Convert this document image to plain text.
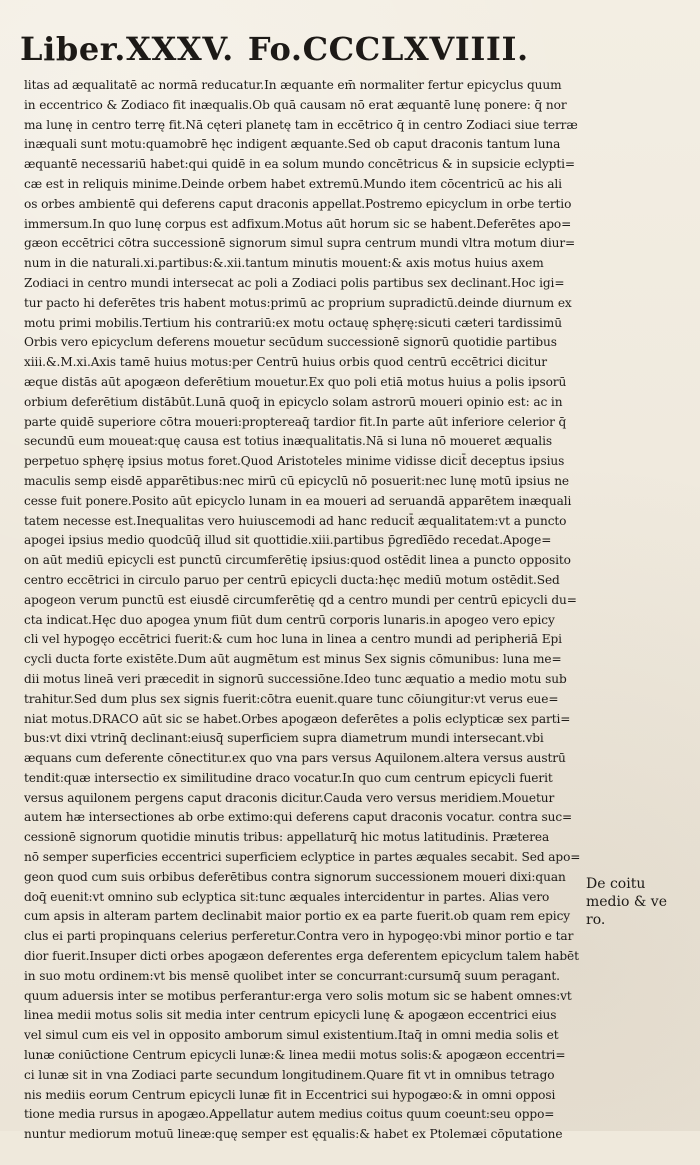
Liber.XXXV. Fo.CCCLXVIIII.
litas ad æqualitatē ac normā reducatur.In æquante em̄ normaliter fertur epicyclus quum
in eccentrico & Zodiaco fit inæqualis.Ob quā causam nō erat æquantē lunę ponere: q̄ nor
ma lunę in centro terrę fit.Nā cęteri planetę tam in eccētrico q̄ in centro Zodiaci siue terræ
inæquali sunt motu:quamobrē hęc indigent æquante.Sed ob caput draconis tantum luna
æquantē necessariū habet:qui quidē in ea solum mundo concētricus & in supsicie eclypti=
cæ est in reliquis minime.Deinde orbem habet extremū.Mundo item cōcentricū ac his ali
os orbes ambientē qui deferens caput draconis appellat.Postremo epicyclum in orbe tertio
immersum.In quo lunę corpus est adfixum.Motus aūt horum sic se habent.Deferētes apo=
gæon eccētrici cōtra successionē signorum simul supra centrum mundi vltra motum diur=
num in die naturali.xi.partibus:&.xii.tantum minutis mouent:& axis motus huius axem
Zodiaci in centro mundi intersecat ac poli a Zodiaci polis partibus sex declinant.Hoc igi=
tur pacto hi deferētes tris habent motus:primū ac proprium supradictū.deinde diurnum ex
motu primi mobilis.Tertium his contrariū:ex motu octauę sphęrę:sicuti cæteri tardissimū
Orbis vero epicyclum deferens mouetur secūdum successionē signorū quotidie partibus
xiii.&.M.xi.Axis tamē huius motus:per Centrū huius orbis quod centrū eccētrici dicitur
æque distās aūt apogæon deferētium mouetur.Ex quo poli etiā motus huius a polis ipsorū
orbium deferētium distābūt.Lunā quoq̄ in epicyclo solam astrorū moueri opinio est: ac in
parte quidē superiore cōtra moueri:proptereaq̄ tardior fit.In parte aūt inferiore celerior q̄
secundū eum moueat:quę causa est totius inæqualitatis.Nā si luna nō moueret æqualis
perpetuo sphęrę ipsius motus foret.Quod Aristoteles minime vidisse dicit̄ deceptus ipsius
maculis semp eisdē apparētibus:nec mirū cū epicyclū nō posuerit:nec lunę motū ipsius ne
cesse fuit ponere.Posito aūt epicyclo lunam in ea moueri ad seruandā apparētem inæquali
tatem necesse est.Inequalitas vero huiuscemodi ad hanc reducit̄ æqualitatem:vt a puncto
apogei ipsius medio quodcūq̄ illud sit quottidie.xiii.partibus p̄gredīēdo recedat.Apoge=
on aūt mediū epicycli est punctū circumferētię ipsius:quod ostēdit linea a puncto opposito
centro eccētrici in circulo paruo per centrū epicycli ducta:hęc mediū motum ostēdit.Sed
apogeon verum punctū est eiusdē circumferētię qd a centro mundi per centrū epicycli du=
cta indicat.Hęc duo apogea ynum fiūt dum centrū corporis lunaris.in apogeo vero epicy
cli vel hypogęo eccētrici fuerit:& cum hoc luna in linea a centro mundi ad peripheriā Epi
cycli ducta forte existēte.Dum aūt augmētum est minus Sex signis cōmunibus: luna me=
dii motus lineā veri præcedit in signorū successiōne.Ideo tunc æquatio a medio motu sub
trahitur.Sed dum plus sex signis fuerit:cōtra euenit.quare tunc cōiungitur:vt verus eue=
niat motus.DRACO aūt sic se habet.Orbes apogæon deferētes a polis eclypticæ sex parti=
bus:vt dixi vtrinq̄ declinant:eiusq̄ superficiem supra diametrum mundi intersecant.vbi
æquans cum deferente cōnectitur.ex quo vna pars versus Aquilonem.altera versus austrū
tendit:quæ intersectio ex similitudine draco vocatur.In quo cum centrum epicycli fuerit
versus aquilonem pergens caput draconis dicitur.Cauda vero versus meridiem.Mouetur
autem hæ intersectiones ab orbe extimo:qui deferens caput draconis vocatur. contra suc=
cessionē signorum quotidie minutis tribus: appellaturq̄ hic motus latitudinis. Præterea
nō semper superficies eccentrici superficiem eclyptice in partes æquales secabit. Sed apo=
geon quod cum suis orbibus deferētibus contra signorum successionem moueri dixi:quan
doq̄ euenit:vt omnino sub eclyptica sit:tunc æquales intercidentur in partes. Alias vero
cum apsis in alteram partem declinabit maior portio ex ea parte fuerit.ob quam rem epicy
clus ei parti propinquans celerius perferetur.Contra vero in hypogęo:vbi minor portio e tar
dior fuerit.Insuper dicti orbes apogæon deferentes erga deferentem epicyclum talem habēt
in suo motu ordinem:vt bis mensē quolibet inter se concurrant:cursumq̄ suum peragant.
quum aduersis inter se motibus perferantur:erga vero solis motum sic se habent omnes:vt
linea medii motus solis sit media inter centrum epicycli lunę & apogæon eccentrici eius
vel simul cum eis vel in opposito amborum simul existentium.Itaq̄ in omni media solis et
lunæ coniūctione Centrum epicycli lunæ:& linea medii motus solis:& apogæon eccentri=
ci lunæ sit in vna Zodiaci parte secundum longitudinem.Quare fit vt in omnibus tetrago
nis mediis eorum Centrum epicycli lunæ fit in Eccentrici sui hypogæo:& in omni opposi
tione media rursus in apogæo.Appellatur autem medius coitus quum coeunt:seu oppo=
nuntur mediorum motuū lineæ:quę semper est ęqualis:& habet ex Ptolemæi cōputatione
De coitu
medio & ve
ro.
